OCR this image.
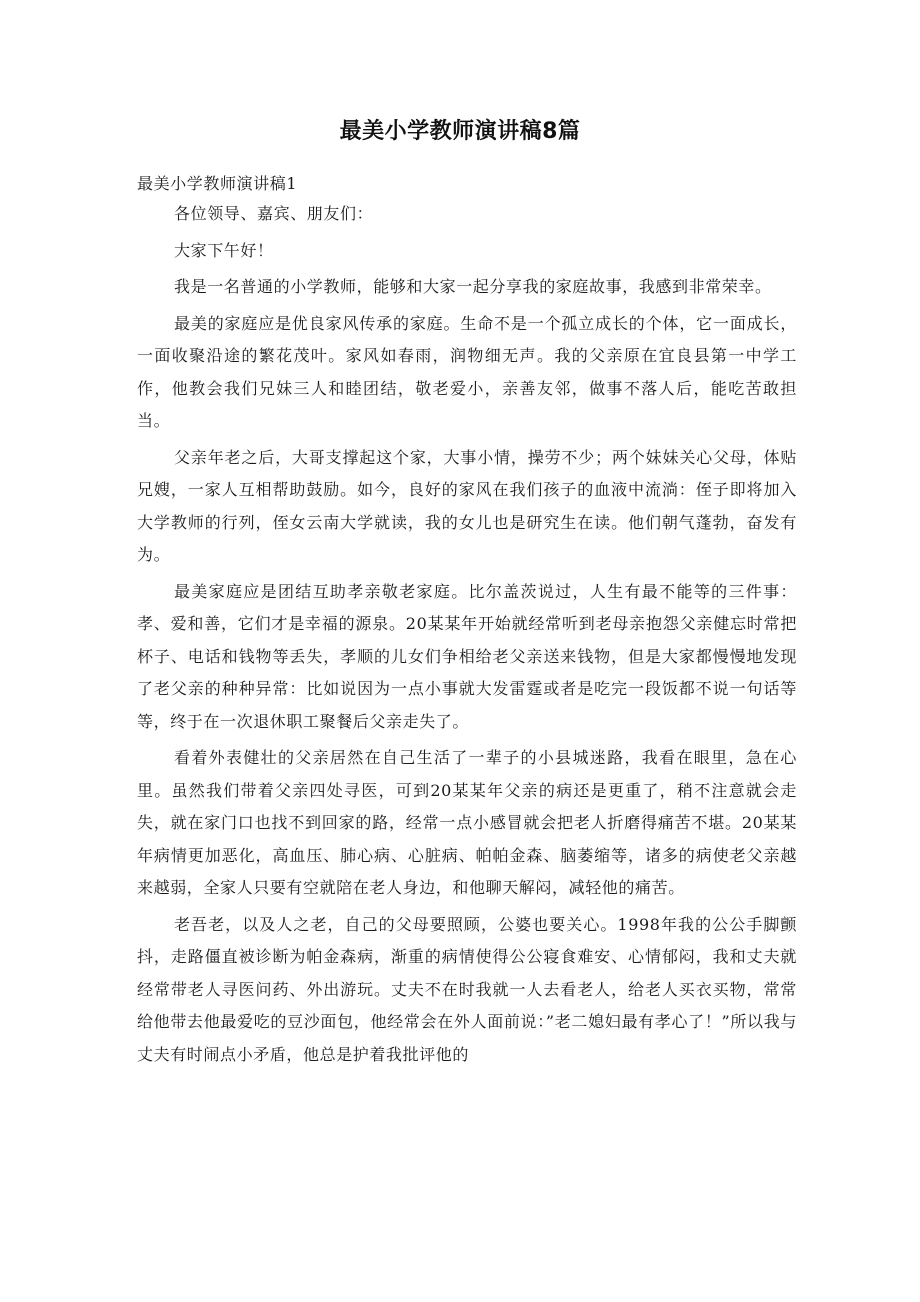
最美小学教师演讲稿8篇
最美小学教师演讲稿1

各位领导、嘉宾、朋友们：

大家下午好！

我是一名普通的小学教师，能够和大家一起分享我的家庭故事，我感到非常荣幸。

最美的家庭应是优良家风传承的家庭。生命不是一个孤立成长的个体，它一面成长，一面收聚沿途的繁花茂叶。家风如春雨，润物细无声。我的父亲原在宜良县第一中学工作，他教会我们兄妹三人和睦团结，敬老爱小，亲善友邻，做事不落人后，能吃苦敢担当。

父亲年老之后，大哥支撑起这个家，大事小情，操劳不少；两个妹妹关心父母，体贴兄嫂，一家人互相帮助鼓励。如今，良好的家风在我们孩子的血液中流淌：侄子即将加入大学教师的行列，侄女云南大学就读，我的女儿也是研究生在读。他们朝气蓬勃，奋发有为。

最美家庭应是团结互助孝亲敬老家庭。比尔盖茨说过，人生有最不能等的三件事：孝、爱和善，它们才是幸福的源泉。20某某年开始就经常听到老母亲抱怨父亲健忘时常把杯子、电话和钱物等丢失，孝顺的儿女们争相给老父亲送来钱物，但是大家都慢慢地发现了老父亲的种种异常：比如说因为一点小事就大发雷霆或者是吃完一段饭都不说一句话等等，终于在一次退休职工聚餐后父亲走失了。

看着外表健壮的父亲居然在自己生活了一辈子的小县城迷路，我看在眼里，急在心里。虽然我们带着父亲四处寻医，可到20某某年父亲的病还是更重了，稍不注意就会走失，就在家门口也找不到回家的路，经常一点小感冒就会把老人折磨得痛苦不堪。20某某年病情更加恶化，高血压、肺心病、心脏病、帕帕金森、脑萎缩等，诸多的病使老父亲越来越弱，全家人只要有空就陪在老人身边，和他聊天解闷，减轻他的痛苦。

老吾老，以及人之老，自己的父母要照顾，公婆也要关心。1998年我的公公手脚颤抖，走路僵直被诊断为帕金森病，渐重的病情使得公公寝食难安、心情郁闷，我和丈夫就经常带老人寻医问药、外出游玩。丈夫不在时我就一人去看老人，给老人买衣买物，常常给他带去他最爱吃的豆沙面包，他经常会在外人面前说：”老二媳妇最有孝心了！”所以我与丈夫有时闹点小矛盾，他总是护着我批评他的
